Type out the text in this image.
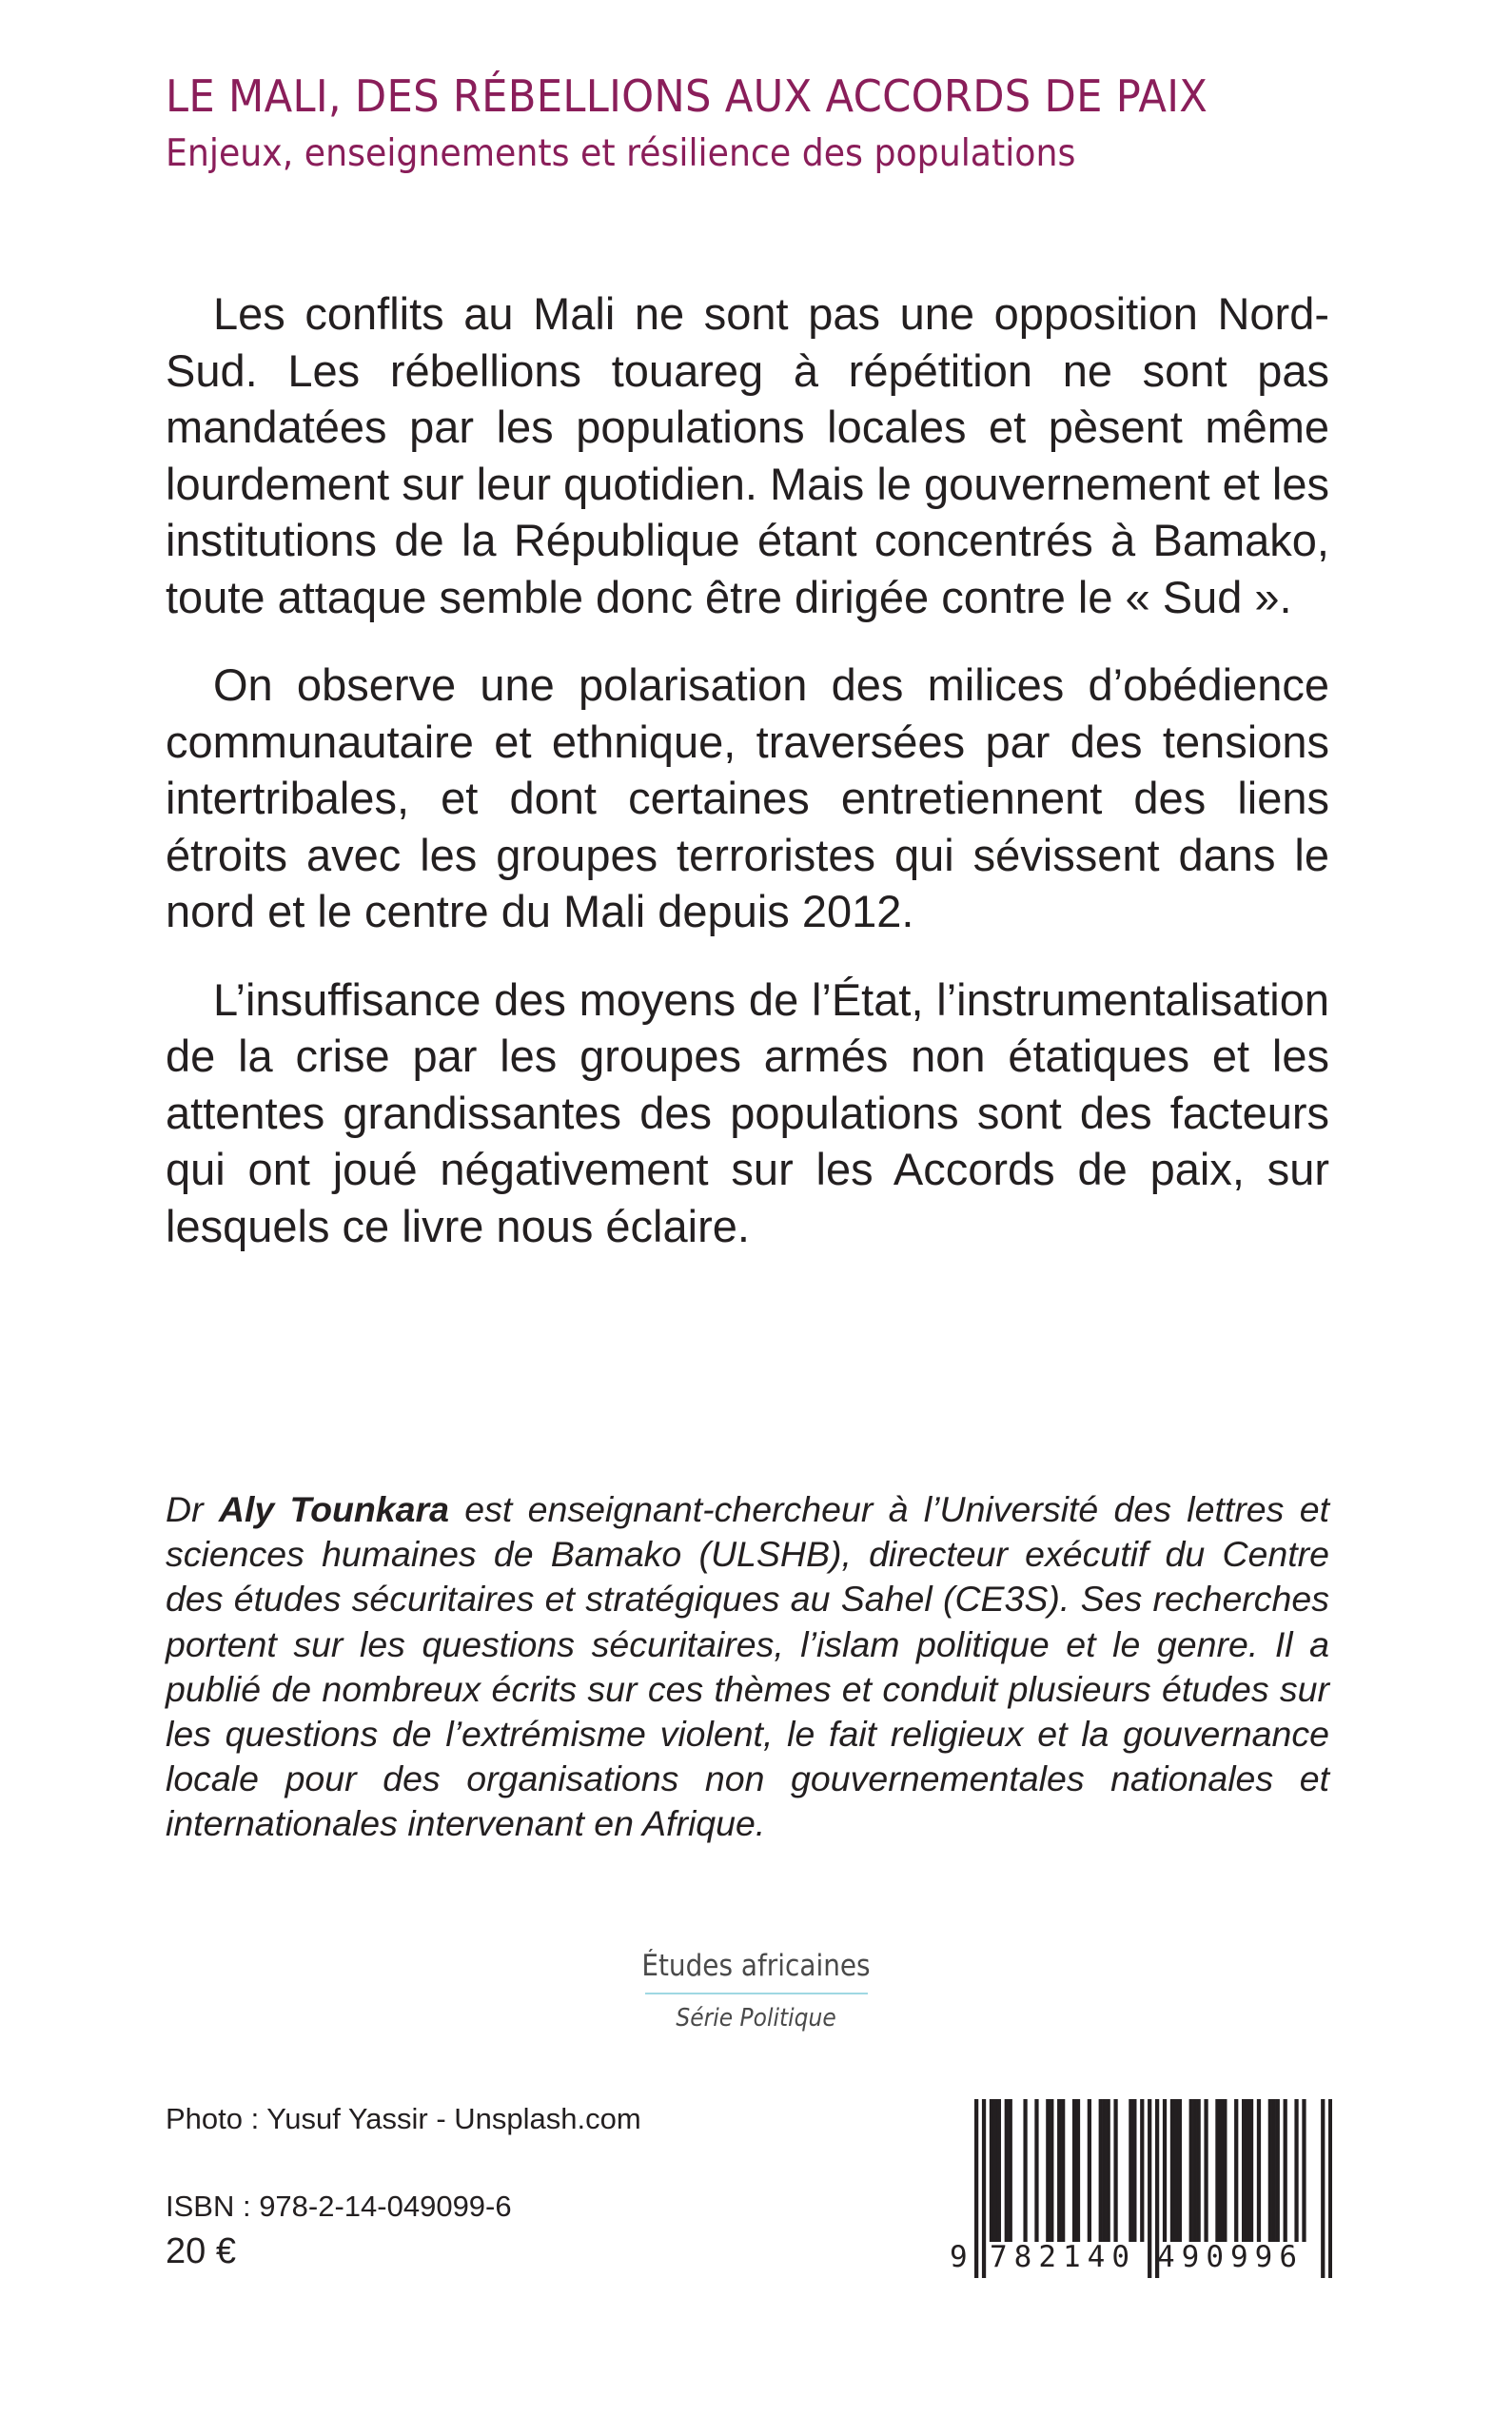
LE MALI, DES RÉBELLIONS AUX ACCORDS DE PAIX
Enjeux, enseignements et résilience des populations

Les conflits au Mali ne sont pas une opposition Nord-Sud. Les rébellions touareg à répétition ne sont pas mandatées par les populations locales et pèsent même lourdement sur leur quotidien. Mais le gouvernement et les institutions de la République étant concentrés à Bamako, toute attaque semble donc être dirigée contre le « Sud ».

On observe une polarisation des milices d’obédience communautaire et ethnique, traversées par des tensions intertribales, et dont certaines entretiennent des liens étroits avec les groupes terroristes qui sévissent dans le nord et le centre du Mali depuis 2012.

L’insuffisance des moyens de l’État, l’instrumentalisation de la crise par les groupes armés non étatiques et les attentes grandissantes des populations sont des facteurs qui ont joué négativement sur les Accords de paix, sur lesquels ce livre nous éclaire.

Dr Aly Tounkara est enseignant-chercheur à l’Université des lettres et sciences humaines de Bamako (ULSHB), directeur exécutif du Centre des études sécuritaires et stratégiques au Sahel (CE3S). Ses recherches portent sur les questions sécuritaires, l’islam politique et le genre. Il a publié de nombreux écrits sur ces thèmes et conduit plusieurs études sur les questions de l’extrémisme violent, le fait religieux et la gouvernance locale pour des organisations non gouvernementales nationales et internationales intervenant en Afrique.

Études africaines
Série Politique
Photo : Yusuf Yassir - Unsplash.com
ISBN : 978-2-14-049099-6
20 €	9 782140 490996
